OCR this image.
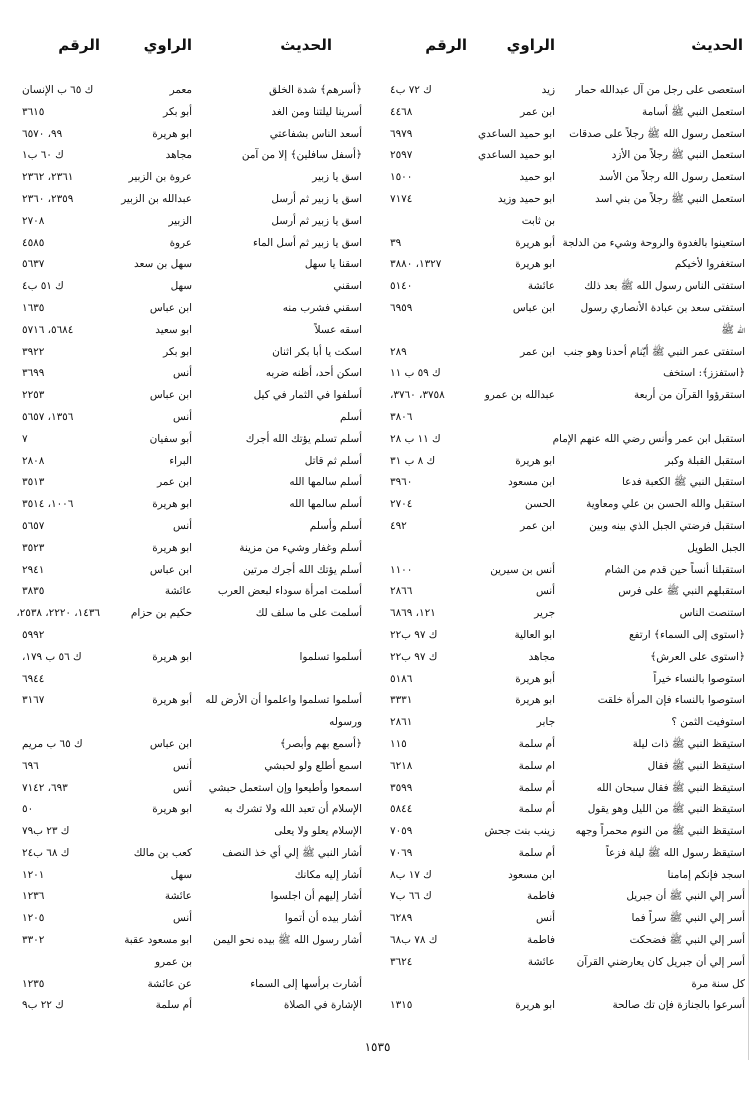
الحديث
الراوي
الرقم
استعصى على رجل من آل عبدالله حمار
زيد
ك ٧٢ ب٤
استعمل النبي ﷺ أسامة
ابن عمر
٤٤٦٨
استعمل رسول الله ﷺ رجلاً على صدقات
ابو حميد الساعدي
٦٩٧٩
استعمل النبي ﷺ رجلاً من الأزد
ابو حميد الساعدي
٢٥٩٧
استعمل رسول الله رجلاً من الأسد
ابو حميد
١٥٠٠
استعمل النبي ﷺ رجلاً من بني اسد
ابو حميد وزيد
٧١٧٤
بن ثابت
استعينوا بالغدوة والروحة وشيء من الدلجة
أبو هريرة
٣٩
استغفروا لأخيكم
ابو هريرة
١٣٢٧، ٣٨٨٠
استفتى الناس رسول الله ﷺ بعد ذلك
عائشة
٥١٤٠
استفتى سعد بن عبادة الأنصاري رسول
ابن عباس
٦٩٥٩
الله ﷺ
استفتى عمر النبي ﷺ أيّنام أحدنا وهو جنب
ابن عمر
٢٨٩
﴿استفزز﴾: استخف
ك ٥٩ ب ١١
استقرؤوا القرآن من أربعة
عبدالله بن عمرو
٣٧٥٨، ٣٧٦٠،
٣٨٠٦
استقبل ابن عمر وأنس رضي الله عنهم الإمام
ك ١١ ب ٢٨
استقبل القبلة وكبر
ابو هريرة
ك ٨ ب ٣١
استقبل النبي ﷺ الكعبة فدعا
ابن مسعود
٣٩٦٠
استقبل والله الحسن بن علي ومعاوية
الحسن
٢٧٠٤
استقبل فرضتي الجبل الذي بينه وبين
ابن عمر
٤٩٢
الجبل الطويل
استقبلنا أنساً حين قدم من الشام
أنس بن سيرين
١١٠٠
استقبلهم النبي ﷺ على فرس
أنس
٢٨٦٦
استنصت الناس
جرير
١٢١، ٦٨٦٩
﴿استوى إلى السماء﴾ ارتفع
ابو العالية
ك ٩٧ ب٢٢
﴿استوى على العرش﴾
مجاهد
ك ٩٧ ب٢٢
استوصوا بالنساء خيراً
أبو هريرة
٥١٨٦
استوصوا بالنساء فإن المرأة خلقت
ابو هريرة
٣٣٣١
استوفيت الثمن ؟
جابر
٢٨٦١
استيقظ النبي ﷺ ذات ليلة
أم سلمة
١١٥
استيقظ النبي ﷺ فقال
ام سلمة
٦٢١٨
استيقظ النبي ﷺ فقال سبحان الله
أم سلمة
٣٥٩٩
استيقظ النبي ﷺ من الليل وهو يقول
أم سلمة
٥٨٤٤
استيقظ النبي ﷺ من النوم محمراً وجهه
زينب بنت جحش
٧٠٥٩
استيقظ رسول الله ﷺ ليلة فزعاً
أم سلمة
٧٠٦٩
اسجد فإنكم إمامنا
ابن مسعود
ك ١٧ ب٨
أسر إلي النبي ﷺ أن جبريل
فاطمة
ك ٦٦ ب٧
أسر إلي النبي ﷺ سراً فما
أنس
٦٢٨٩
أسر إلي النبي ﷺ فضحكت
فاطمة
ك ٧٨ ب٦٨
أسر إلي أن جبريل كان يعارضني القرآن
عائشة
٣٦٢٤
كل سنة مرة
أسرعوا بالجنازة فإن تك صالحة
ابو هريرة
١٣١٥
الحديث
الراوي
الرقم
﴿أسرهم﴾ شدة الخلق
معمر
ك ٦٥ ب الإنسان
أسرينا ليلتنا ومن الغد
أبو بكر
٣٦١٥
أسعد الناس بشفاعتي
ابو هريرة
٩٩، ٦٥٧٠
﴿أسفل سافلين﴾ إلا من آمن
مجاهد
ك ٦٠ ب١
اسق يا زبير
عروة بن الزبير
٢٣٦١، ٢٣٦٢
اسق يا زبير ثم أرسل
عبدالله بن الزبير
٢٣٥٩، ٢٣٦٠
اسق يا زبير ثم أرسل
الزبير
٢٧٠٨
اسق يا زبير ثم أسل الماء
عروة
٤٥٨٥
اسقنا يا سهل
سهل بن سعد
٥٦٣٧
اسقني
سهل
ك ٥١ ب٤
اسقني فشرب منه
ابن عباس
١٦٣٥
اسقه عسلاً
ابو سعيد
٥٦٨٤، ٥٧١٦
اسكت يا أبا بكر اثنان
ابو بكر
٣٩٢٢
اسكن أحد، أظنه ضربه
أنس
٣٦٩٩
أسلفوا في الثمار في كيل
ابن عباس
٢٢٥٣
أسلم
أنس
١٣٥٦، ٥٦٥٧
أسلم تسلم يؤتك الله أجرك
أبو سفيان
٧
أسلم ثم قاتل
البراء
٢٨٠٨
أسلم سالمها الله
ابن عمر
٣٥١٣
أسلم سالمها الله
ابو هريرة
١٠٠٦، ٣٥١٤
أسلم وأسلم
أنس
٥٦٥٧
أسلم وغفار وشيء من مزينة
ابو هريرة
٣٥٢٣
أسلم يؤتك الله أجرك مرتين
ابن عباس
٢٩٤١
أسلمت امرأة سوداء لبعض العرب
عائشة
٣٨٣٥
أسلمت على ما سلف لك
حكيم بن حزام
١٤٣٦، ٢٢٢٠، ٢٥٣٨،
٥٩٩٢
أسلموا تسلموا
ابو هريرة
ك ٥٦ ب ١٧٩،
٦٩٤٤
أسلموا تسلموا واعلموا أن الأرض لله
أبو هريرة
٣١٦٧
ورسوله
﴿أسمع بهم وأبصر﴾
ابن عباس
ك ٦٥ ب مريم
اسمع أطلع ولو لحبشي
أنس
٦٩٦
اسمعوا وأطيعوا وإن استعمل حبشي
أنس
٦٩٣، ٧١٤٢
الإسلام أن تعبد الله ولا تشرك به
ابو هريرة
٥٠
الإسلام يعلو ولا يعلى
ك ٢٣ ب٧٩
أشار النبي ﷺ إلي أي خذ النصف
كعب بن مالك
ك ٦٨ ب٢٤
أشار إليه مكانك
سهل
١٢٠١
أشار إليهم أن اجلسوا
عائشة
١٢٣٦
أشار بيده أن أتموا
أنس
١٢٠٥
أشار رسول الله ﷺ بيده نحو اليمن
ابو مسعود عقبة
٣٣٠٢
بن عمرو
أشارت برأسها إلى السماء
عن عائشة
١٢٣٥
الإشارة في الصلاة
أم سلمة
ك ٢٢ ب٩
١٥٣٥
